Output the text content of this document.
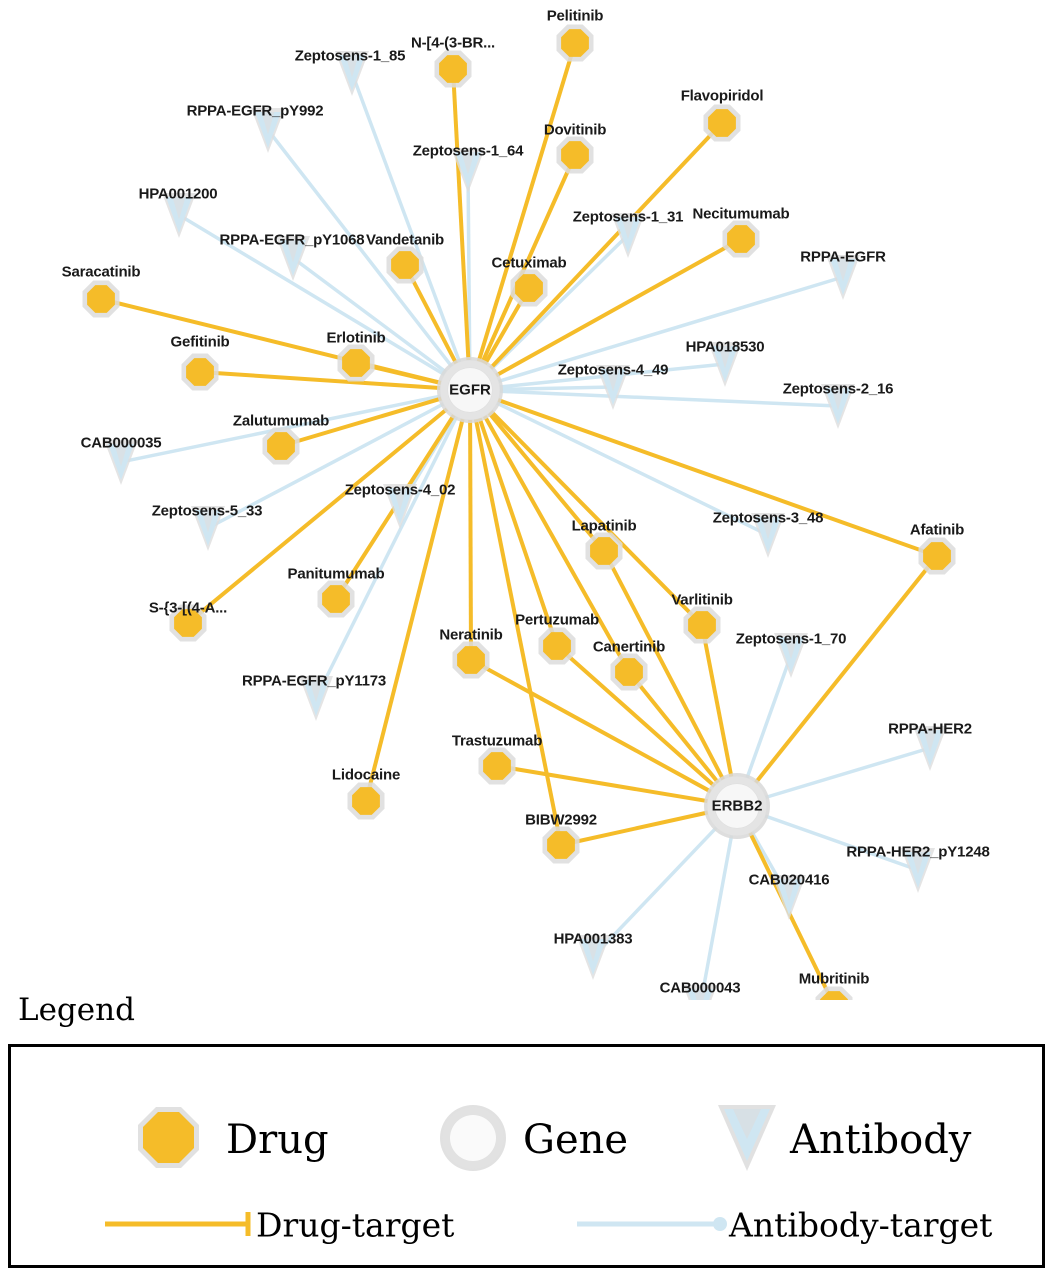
Zeptosens-1_85
RPPA-EGFR_pY992
Zeptosens-1_64
HPA001200
Zeptosens-1_31
RPPA-EGFR_pY1068
RPPA-EGFR
HPA018530
Zeptosens-4_49
Zeptosens-2_16
CAB000035
Zeptosens-4_02
Zeptosens-5_33	Zeptosens-3_48
Zeptosens-1_70
RPPA-EGFR_pY1173
RPPA-HER2
RPPA-HER2_pY1248
CAB020416
HPA001383
CAB000043
Pelitinib
N-[4-(3-BR...
Flavopiridol
Dovitinib
Necitumumab
Vandetanib
Cetuximab
Saracatinib
Erlotinib
Gefitinib
Zalutumumab
Lapatinib	Afatinib
Panitumumab
Varlitinib
S-{3-[(4-A...
Pertuzumab
Neratinib
Canertinib
Trastuzumab
Lidocaine
BIBW2992
Mubritinib
EGFR
ERBB2
Legend
Drug	Gene	Antibody
Drug-target	Antibody-target
